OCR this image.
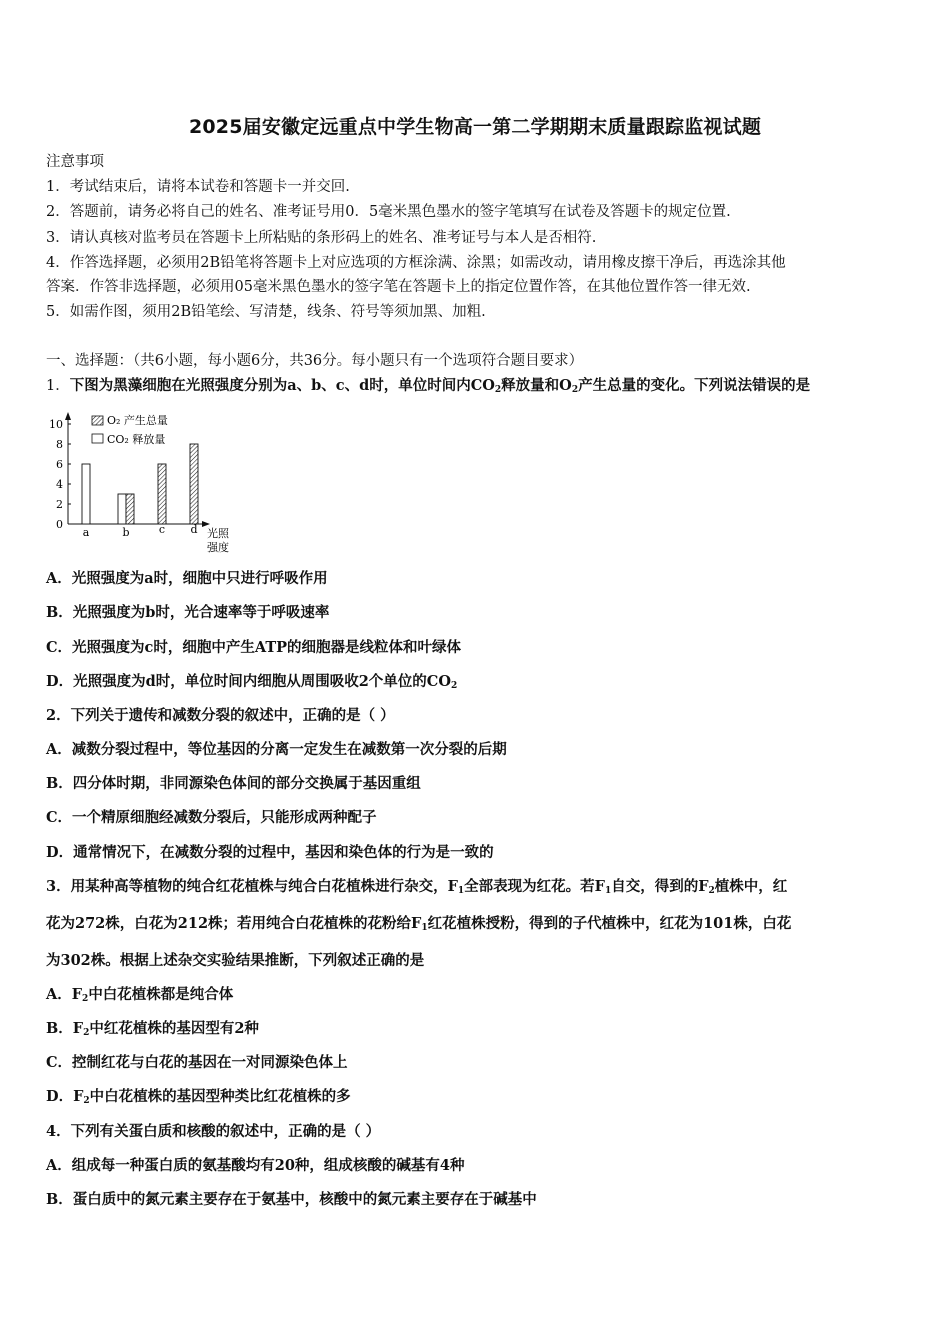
2025届安徽定远重点中学生物高一第二学期期末质量跟踪监视试题
注意事项
1．考试结束后，请将本试卷和答题卡一并交回.
2．答题前，请务必将自己的姓名、准考证号用0．5毫米黑色墨水的签字笔填写在试卷及答题卡的规定位置.
3．请认真核对监考员在答题卡上所粘贴的条形码上的姓名、准考证号与本人是否相符.
4．作答选择题，必须用2B铅笔将答题卡上对应选项的方框涂满、涂黑；如需改动，请用橡皮擦干净后，再选涂其他
答案．作答非选择题，必须用05毫米黑色墨水的签字笔在答题卡上的指定位置作答，在其他位置作答一律无效.
5．如需作图，须用2B铅笔绘、写清楚，线条、符号等须加黑、加粗.
一、选择题：（共6小题，每小题6分，共36分。每小题只有一个选项符合题目要求）
1．下图为黑藻细胞在光照强度分别为a、b、c、d时，单位时间内$CO_2$释放量和$O_2$产生总量的变化。下列说法错误的是
0
2
4
6
8
10
a	b	c d
O₂ 产生总量
CO₂ 释放量
光照
强度
A．光照强度为a时，细胞中只进行呼吸作用
B．光照强度为b时，光合速率等于呼吸速率
C．光照强度为c时，细胞中产生ATP的细胞器是线粒体和叶绿体
D．光照强度为d时，单位时间内细胞从周围吸收2个单位的$CO_2$
2．下列关于遗传和减数分裂的叙述中，正确的是（ ）
A．减数分裂过程中，等位基因的分离一定发生在减数第一次分裂的后期
B．四分体时期，非同源染色体间的部分交换属于基因重组
C．一个精原细胞经减数分裂后，只能形成两种配子
D．通常情况下，在减数分裂的过程中，基因和染色体的行为是一致的
3．用某种高等植物的纯合红花植株与纯合白花植株进行杂交，$F_1$全部表现为红花。若$F_1$自交，得到的$F_2$植株中，红
花为272株，白花为212株；若用纯合白花植株的花粉给$F_1$红花植株授粉，得到的子代植株中，红花为101株，白花
为302株。根据上述杂交实验结果推断，下列叙述正确的是
A．$F_2$中白花植株都是纯合体
B．$F_2$中红花植株的基因型有2种
C．控制红花与白花的基因在一对同源染色体上
D．$F_2$中白花植株的基因型种类比红花植株的多
4．下列有关蛋白质和核酸的叙述中，正确的是（ ）
A．组成每一种蛋白质的氨基酸均有20种，组成核酸的碱基有4种
B．蛋白质中的氮元素主要存在于氨基中，核酸中的氮元素主要存在于碱基中
